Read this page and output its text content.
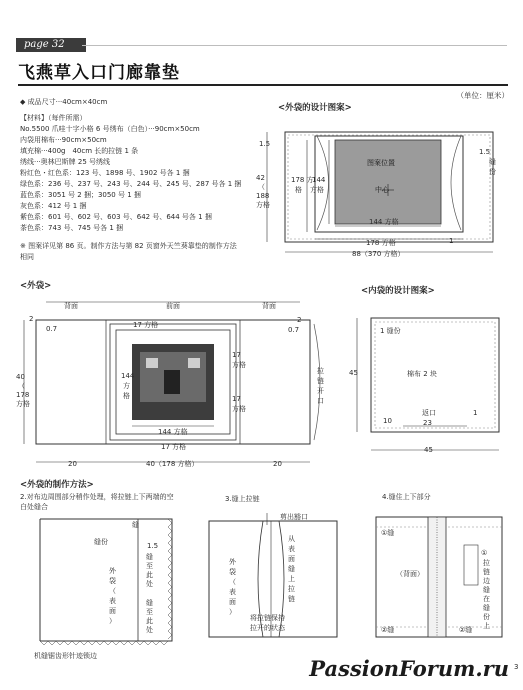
page 32
飞燕草入口门廊靠垫
（单位：厘米）
◆ 成品尺寸···40cm×40cm
【材料】（每件所需）
No.5500 爪哇十字小格 6 号绣布（白色）···90cm×50cm
内袋用棉布···90cm×50cm
填充棉···400g　40cm 长的拉链 1 条
绣线···奥林巴斯牌 25 号绣线
粉红色・红色系：123 号、1898 号、1902 号各 1 捆
绿色系：236 号、237 号、243 号、244 号、245 号、287 号各 1 捆
蓝色系：3051 号 2 捆；3050 号 1 捆
灰色系：412 号 1 捆
紫色系：601 号、602 号、603 号、642 号、644 号各 1 捆
茶色系：743 号、745 号各 1 捆
※ 图案详见第 86 页。制作方法与第 82 页窗外天竺葵靠垫的制作方法
相同
<外袋的设计图案>
1.5
42
（
188
方格
1.5
缝
份
178 方
格
144
方格
图案位置
中心
144 方格
178 方格
88（370 方格）
1
<外袋>
背面	前面	背面
2
0.7	17 方格
2
0.7
40
（
178
方格
144
方
格
17
方格
17
方格
拉
链
开
口
144 方格
17 方格
20	40（178 方格）	20
<内袋的设计图案>
1 缝份
棉布 2 块
45
返口
10	23
1
45
<外袋的制作方法>
2.对布边周围部分稍作处理，将拉链上下两端的空
白处缝合
缝
缝份	1.5
缝
至
此
处
缝
至
此
处
外
袋
（
表
面
）
机缝锯齿形针迹锁边
3.缝上拉链
剪出豁口
外
袋
（
表
面
）
从
表
面
缝
上
拉
链
将拉链保持
拉开的状态
4.缝住上下部分
①缝
（背面）
②缝	②缝
①
拉
链
边
缝
在
缝
份
上
3
PassionForum.ru
